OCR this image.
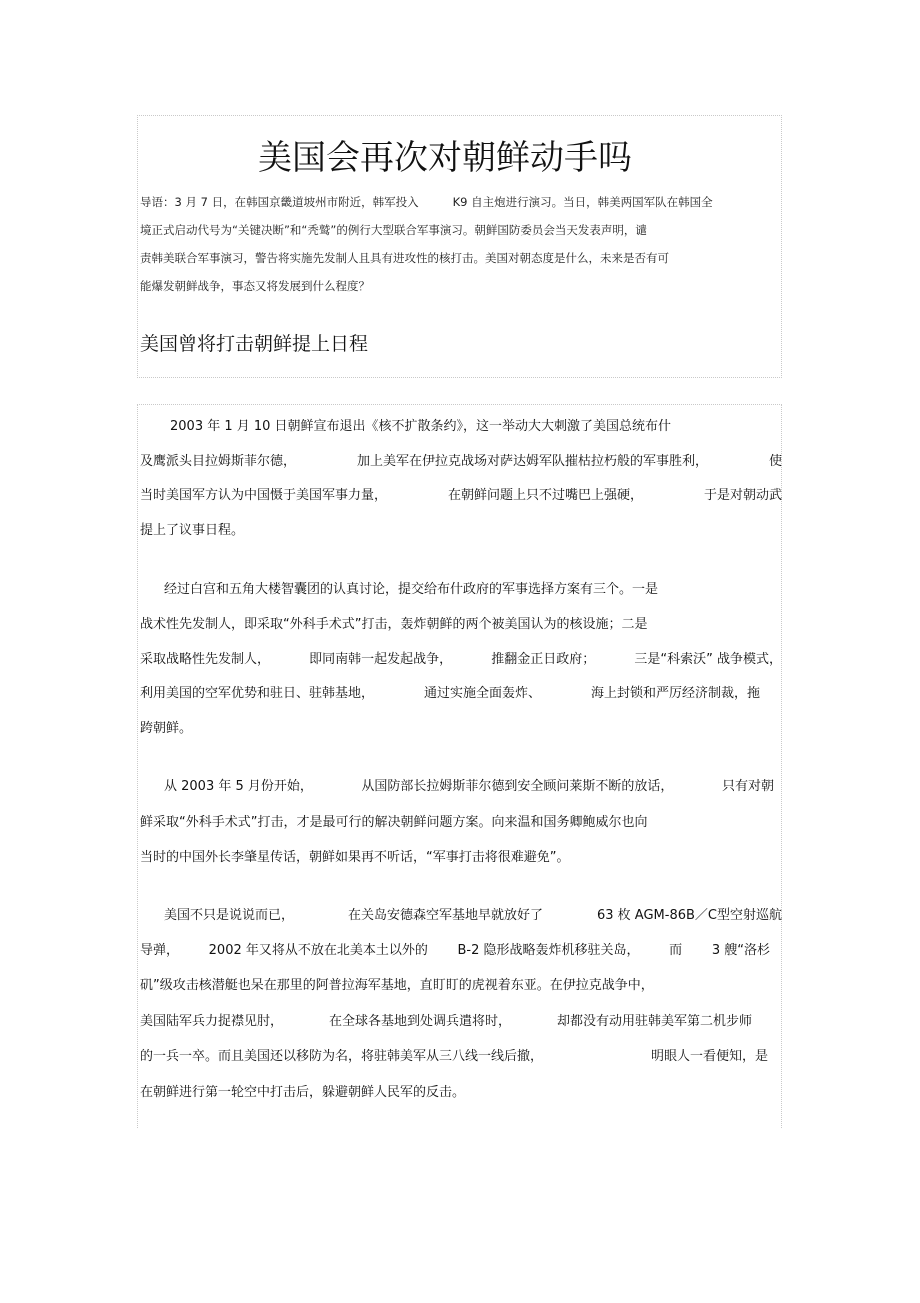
美国会再次对朝鲜动手吗
导语：3 月 7 日，在韩国京畿道坡州市附近，韩军投入	K9 自主炮进行演习。当日，韩美两国军队在韩国全
境正式启动代号为“关键决断”和“秃鹫”的例行大型联合军事演习。朝鲜国防委员会当天发表声明，谴
责韩美联合军事演习，警告将实施先发制人且具有进攻性的核打击。美国对朝态度是什么，未来是否有可
能爆发朝鲜战争，事态又将发展到什么程度？
美国曾将打击朝鲜提上日程
2003 年 1 月 10 日朝鲜宣布退出《核不扩散条约》，这一举动大大刺激了美国总统布什
及鹰派头目拉姆斯菲尔德，	加上美军在伊拉克战场对萨达姆军队摧枯拉朽般的军事胜利，	使
当时美国军方认为中国慑于美国军事力量，	在朝鲜问题上只不过嘴巴上强硬，	于是对朝动武
提上了议事日程。
经过白宫和五角大楼智囊团的认真讨论，提交给布什政府的军事选择方案有三个。一是
战术性先发制人，即采取“外科手术式”打击，轰炸朝鲜的两个被美国认为的核设施；二是
采取战略性先发制人，	即同南韩一起发起战争，	推翻金正日政府；	三是“科索沃” 战争模式，
利用美国的空军优势和驻日、驻韩基地，	通过实施全面轰炸、	海上封锁和严厉经济制裁，拖
跨朝鲜。
从 2003 年 5 月份开始，	从国防部长拉姆斯菲尔德到安全顾问莱斯不断的放话，	只有对朝
鲜采取“外科手术式”打击，才是最可行的解决朝鲜问题方案。向来温和国务卿鲍威尔也向
当时的中国外长李肇星传话，朝鲜如果再不听话，“军事打击将很难避免”。
美国不只是说说而已，	在关岛安德森空军基地早就放好了	63 枚 AGM-86B／C型空射巡航
导弹， 2002 年又将从不放在北美本土以外的 B-2 隐形战略轰炸机移驻关岛， 而 3 艘“洛杉
矶”级攻击核潜艇也呆在那里的阿普拉海军基地，直盯盯的虎视着东亚。在伊拉克战争中，
美国陆军兵力捉襟见肘，	在全球各基地到处调兵遣将时，	却都没有动用驻韩美军第二机步师
的一兵一卒。而且美国还以移防为名，将驻韩美军从三八线一线后撤，	明眼人一看便知，是
在朝鲜进行第一轮空中打击后，躲避朝鲜人民军的反击。
